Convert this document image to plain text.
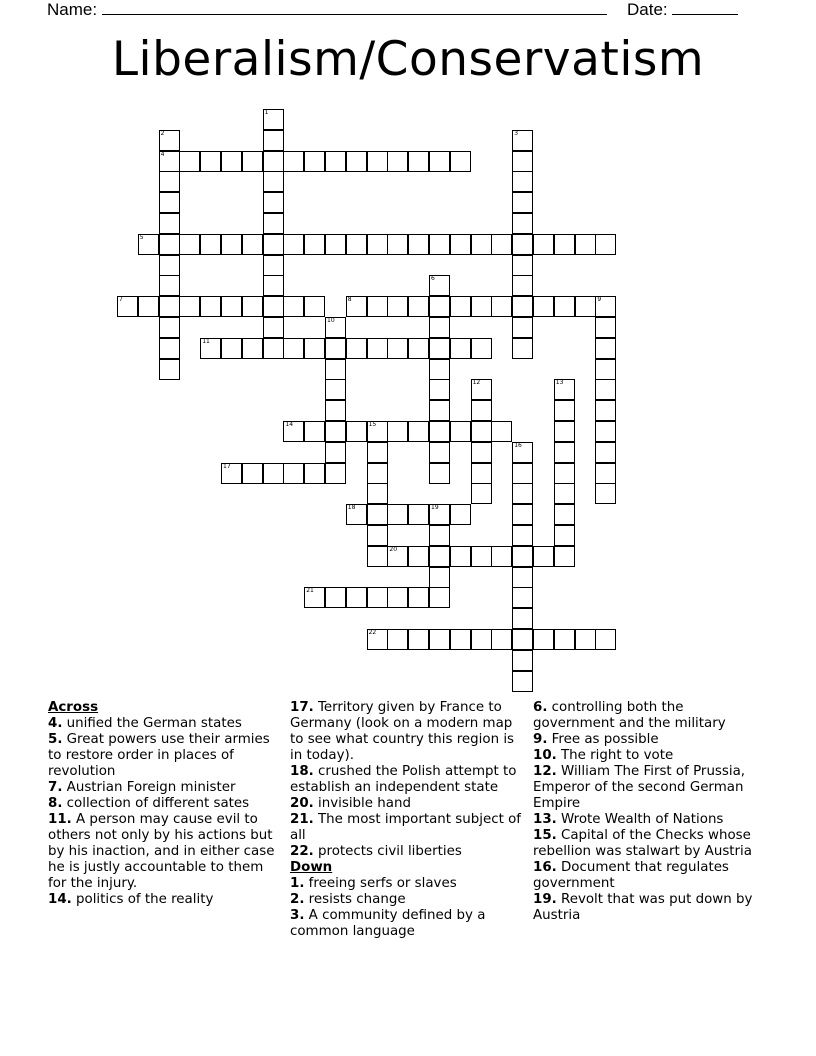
Name:	Date:
Liberalism/Conservatism
1
2
4
3
5
6
7	8	9
10
11
12	13
14	15
16
17
18	19
20
21
22
Across
4. unified the German states
5. Great powers use their armies to restore order in places of revolution
7. Austrian Foreign minister
8. collection of different sates
11. A person may cause evil to others not only by his actions but by his inaction, and in either case he is justly accountable to them for the injury.
14. politics of the reality
17. Territory given by France to Germany (look on a modern map to see what country this region is in today).
18. crushed the Polish attempt to establish an independent state
20. invisible hand
21. The most important subject of all
22. protects civil liberties
Down
1. freeing serfs or slaves
2. resists change
3. A community defined by a common language
6. controlling both the government and the military
9. Free as possible
10. The right to vote
12. William The First of Prussia, Emperor of the second German Empire
13. Wrote Wealth of Nations
15. Capital of the Checks whose rebellion was stalwart by Austria
16. Document that regulates government
19. Revolt that was put down by Austria
